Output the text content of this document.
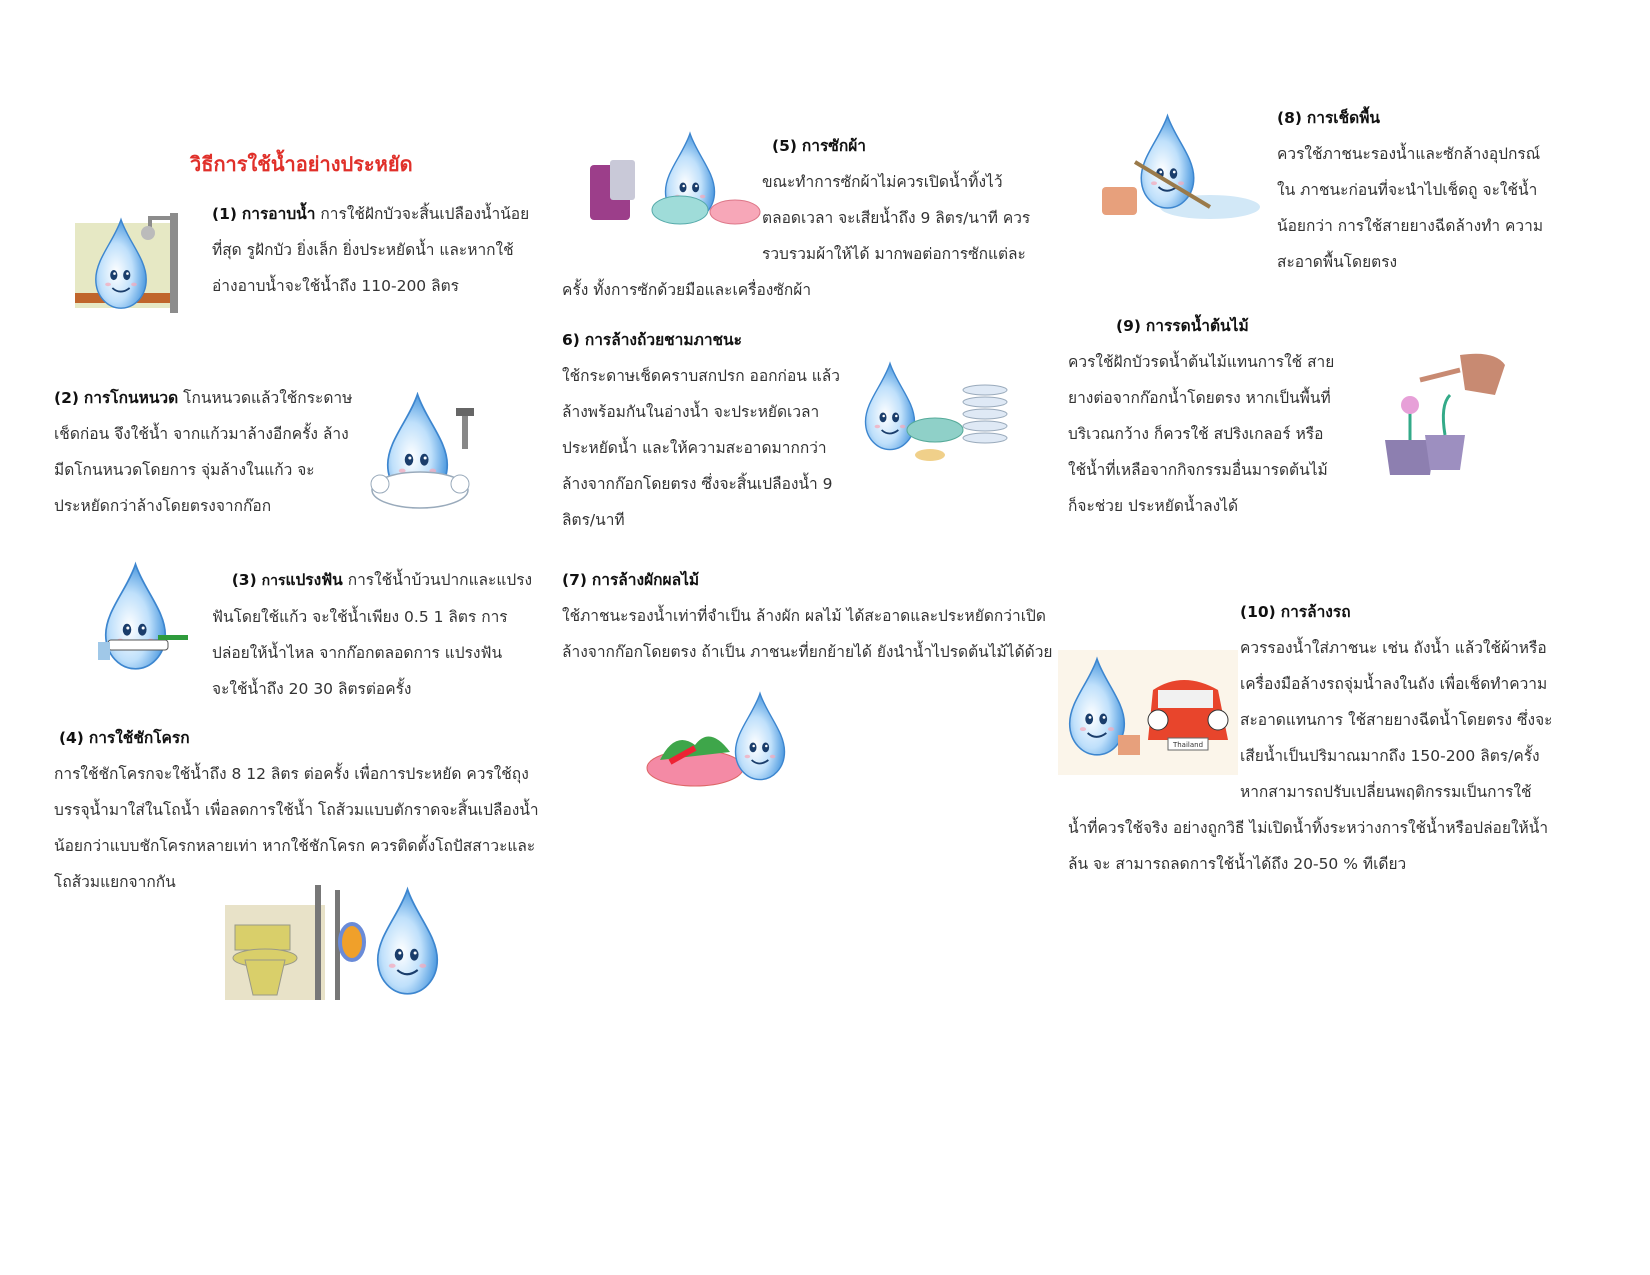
วิธีการใช้น้ำอย่างประหยัด
(1) การอาบน้ำ การใช้ฝักบัวจะสิ้นเปลืองน้ำน้อย
ที่สุด รูฝักบัว ยิ่งเล็ก ยิ่งประหยัดน้ำ และหากใช้
อ่างอาบน้ำจะใช้น้ำถึง 110-200 ลิตร
(2) การโกนหนวด โกนหนวดแล้วใช้กระดาษ
เช็ดก่อน จึงใช้น้ำ จากแก้วมาล้างอีกครั้ง ล้าง
มีดโกนหนวดโดยการ จุ่มล้างในแก้ว จะ
ประหยัดกว่าล้างโดยตรงจากก๊อก
(3) การแปรงฟัน การใช้น้ำบ้วนปากและแปรง
ฟันโดยใช้แก้ว จะใช้น้ำเพียง 0.5 1 ลิตร การ
ปล่อยให้น้ำไหล จากก๊อกตลอดการ แปรงฟัน
จะใช้น้ำถึง 20 30 ลิตรต่อครั้ง
(4) การใช้ชักโครก
การใช้ชักโครกจะใช้น้ำถึง 8 12 ลิตร ต่อครั้ง เพื่อการประหยัด ควรใช้ถุง
บรรจุน้ำมาใส่ในโถน้ำ เพื่อลดการใช้น้ำ โถส้วมแบบตักราดจะสิ้นเปลืองน้ำ
น้อยกว่าแบบชักโครกหลายเท่า หากใช้ชักโครก ควรติดตั้งโถปัสสาวะและ
โถส้วมแยกจากกัน
(5) การซักผ้า
ขณะทำการซักผ้าไม่ควรเปิดน้ำทิ้งไว้
ตลอดเวลา จะเสียน้ำถึง 9 ลิตร/นาที ควร
รวบรวมผ้าให้ได้ มากพอต่อการซักแต่ละ
ครั้ง ทั้งการซักด้วยมือและเครื่องซักผ้า
6) การล้างถ้วยชามภาชนะ
ใช้กระดาษเช็ดคราบสกปรก ออกก่อน แล้ว
ล้างพร้อมกันในอ่างน้ำ จะประหยัดเวลา
ประหยัดน้ำ และให้ความสะอาดมากกว่า
ล้างจากก๊อกโดยตรง ซึ่งจะสิ้นเปลืองน้ำ 9
ลิตร/นาที
(7) การล้างผักผลไม้
ใช้ภาชนะรองน้ำเท่าที่จำเป็น ล้างผัก ผลไม้ ได้สะอาดและประหยัดกว่าเปิด
ล้างจากก๊อกโดยตรง ถ้าเป็น ภาชนะที่ยกย้ายได้ ยังนำน้ำไปรดต้นไม้ได้ด้วย
(8) การเช็ดพื้น
ควรใช้ภาชนะรองน้ำและซักล้างอุปกรณ์
ใน ภาชนะก่อนที่จะนำไปเช็ดถู จะใช้น้ำ
น้อยกว่า การใช้สายยางฉีดล้างทำ ความ
สะอาดพื้นโดยตรง
(9) การรดน้ำต้นไม้
ควรใช้ฝักบัวรดน้ำต้นไม้แทนการใช้ สาย
ยางต่อจากก๊อกน้ำโดยตรง หากเป็นพื้นที่
บริเวณกว้าง ก็ควรใช้ สปริงเกลอร์ หรือ
ใช้น้ำที่เหลือจากกิจกรรมอื่นมารดต้นไม้
ก็จะช่วย ประหยัดน้ำลงได้
Thailand
(10) การล้างรถ
ควรรองน้ำใส่ภาชนะ เช่น ถังน้ำ แล้วใช้ผ้าหรือ
เครื่องมือล้างรถจุ่มน้ำลงในถัง เพื่อเช็ดทำความ
สะอาดแทนการ ใช้สายยางฉีดน้ำโดยตรง ซึ่งจะ
เสียน้ำเป็นปริมาณมากถึง 150-200 ลิตร/ครั้ง
หากสามารถปรับเปลี่ยนพฤติกรรมเป็นการใช้
น้ำที่ควรใช้จริง อย่างถูกวิธี ไม่เปิดน้ำทิ้งระหว่างการใช้น้ำหรือปล่อยให้น้ำ
ล้น จะ สามารถลดการใช้น้ำได้ถึง 20-50 % ทีเดียว
